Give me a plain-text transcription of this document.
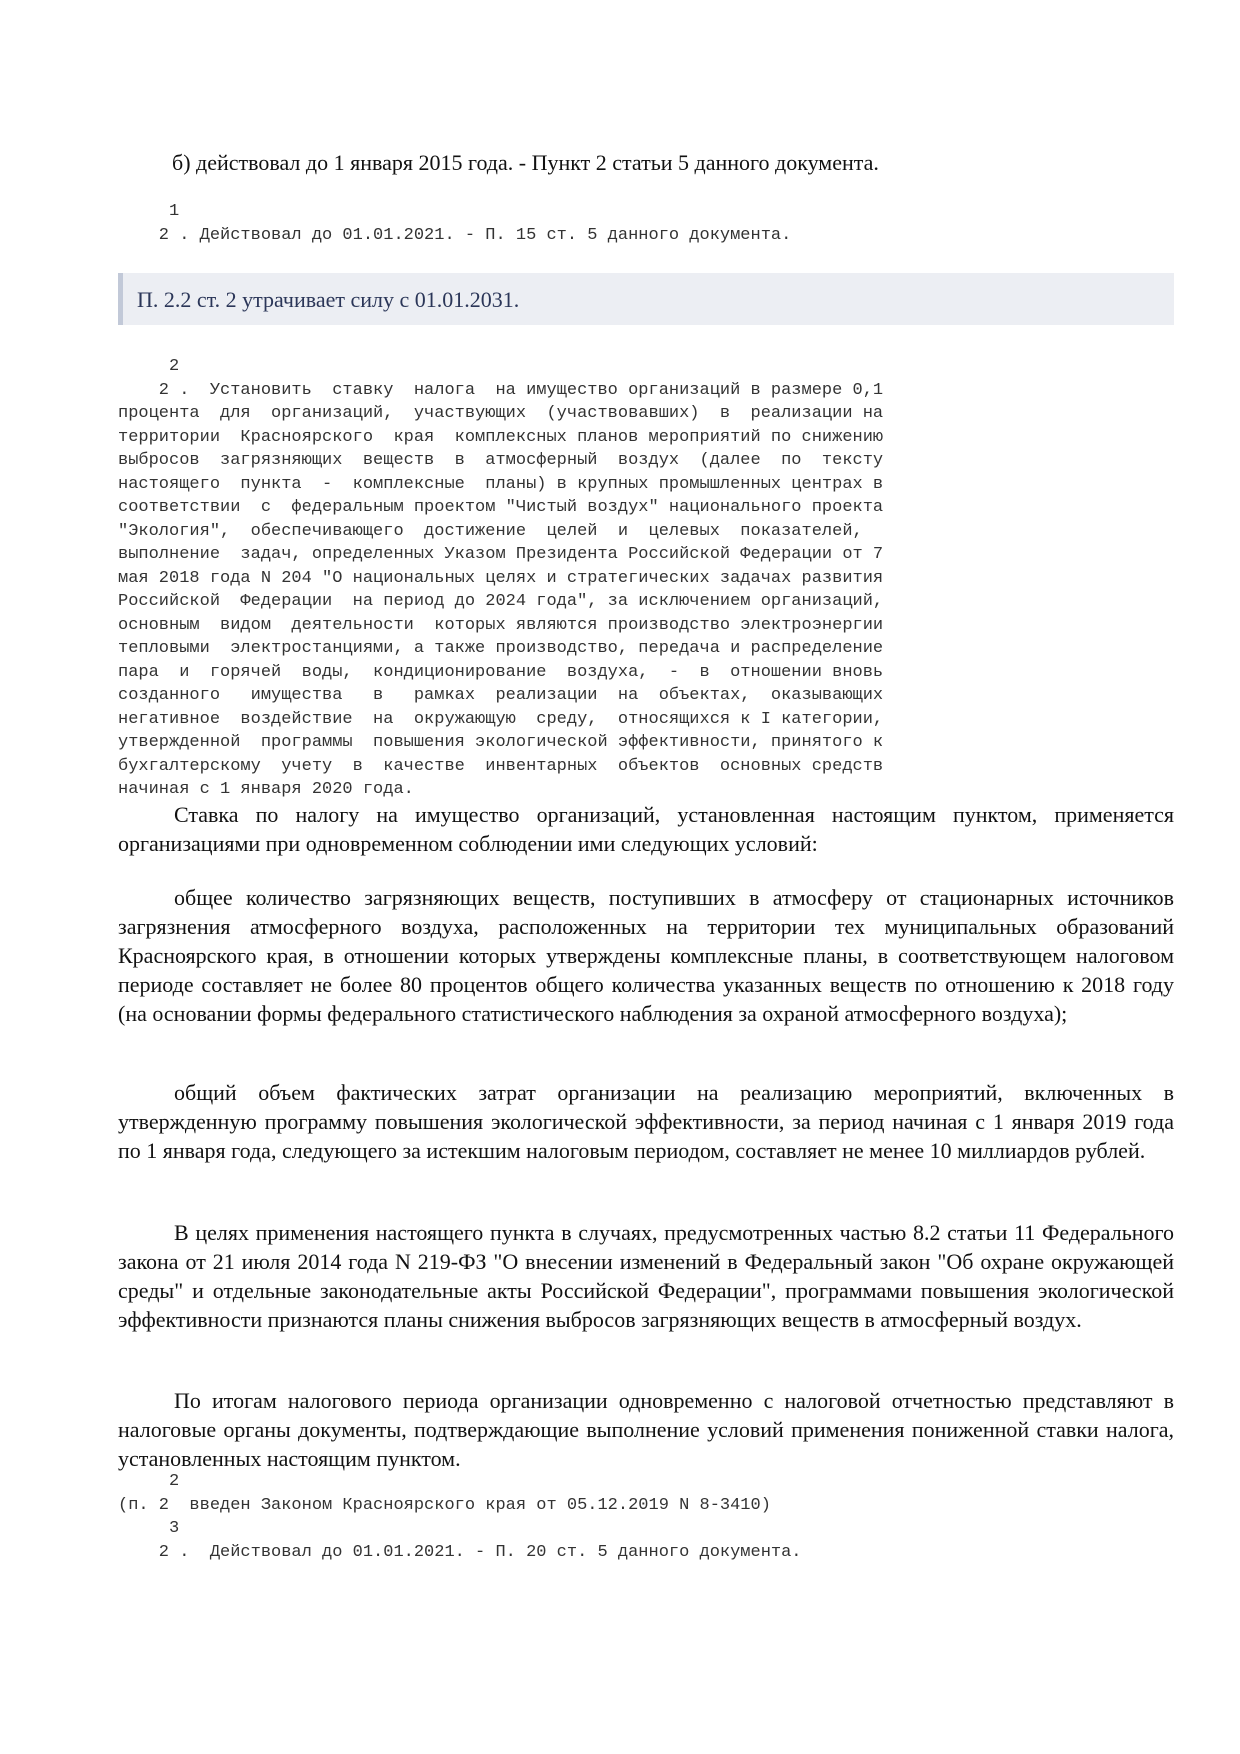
б) действовал до 1 января 2015 года. - Пункт 2 статьи 5 данного документа.
1
2 . Действовал до 01.01.2021. - П. 15 ст. 5 данного документа.
П. 2.2 ст. 2 утрачивает силу с 01.01.2031.
2
2 .  Установить  ставку  налога  на имущество организаций в размере 0,1
процента  для  организаций,  участвующих  (участвовавших)  в  реализации на
территории  Красноярского  края  комплексных планов мероприятий по снижению
выбросов  загрязняющих  веществ  в  атмосферный  воздух  (далее  по  тексту
настоящего  пункта  -  комплексные  планы) в крупных промышленных центрах в
соответствии  с  федеральным проектом "Чистый воздух" национального проекта
"Экология",  обеспечивающего  достижение  целей  и  целевых  показателей,
выполнение  задач, определенных Указом Президента Российской Федерации от 7
мая 2018 года N 204 "О национальных целях и стратегических задачах развития
Российской  Федерации  на период до 2024 года", за исключением организаций,
основным  видом  деятельности  которых являются производство электроэнергии
тепловыми  электростанциями, а также производство, передача и распределение
пара  и  горячей  воды,  кондиционирование  воздуха,  -  в  отношении вновь
созданного   имущества   в   рамках  реализации  на  объектах,  оказывающих
негативное  воздействие  на  окружающую  среду,  относящихся к I категории,
утвержденной  программы  повышения экологической эффективности, принятого к
бухгалтерскому  учету  в  качестве  инвентарных  объектов  основных средств
начиная с 1 января 2020 года.
Ставка по налогу на имущество организаций, установленная настоящим пунктом, применяется организациями при одновременном соблюдении ими следующих условий:
общее количество загрязняющих веществ, поступивших в атмосферу от стационарных источников загрязнения атмосферного воздуха, расположенных на территории тех муниципальных образований Красноярского края, в отношении которых утверждены комплексные планы, в соответствующем налоговом периоде составляет не более 80 процентов общего количества указанных веществ по отношению к 2018 году (на основании формы федерального статистического наблюдения за охраной атмосферного воздуха);
общий объем фактических затрат организации на реализацию мероприятий, включенных в утвержденную программу повышения экологической эффективности, за период начиная с 1 января 2019 года по 1 января года, следующего за истекшим налоговым периодом, составляет не менее 10 миллиардов рублей.
В целях применения настоящего пункта в случаях, предусмотренных частью 8.2 статьи 11 Федерального закона от 21 июля 2014 года N 219-ФЗ "О внесении изменений в Федеральный закон "Об охране окружающей среды" и отдельные законодательные акты Российской Федерации", программами повышения экологической эффективности признаются планы снижения выбросов загрязняющих веществ в атмосферный воздух.
По итогам налогового периода организации одновременно с налоговой отчетностью представляют в налоговые органы документы, подтверждающие выполнение условий применения пониженной ставки налога, установленных настоящим пунктом.
2
(п. 2  введен Законом Красноярского края от 05.12.2019 N 8-3410)
3
2 .  Действовал до 01.01.2021. - П. 20 ст. 5 данного документа.
